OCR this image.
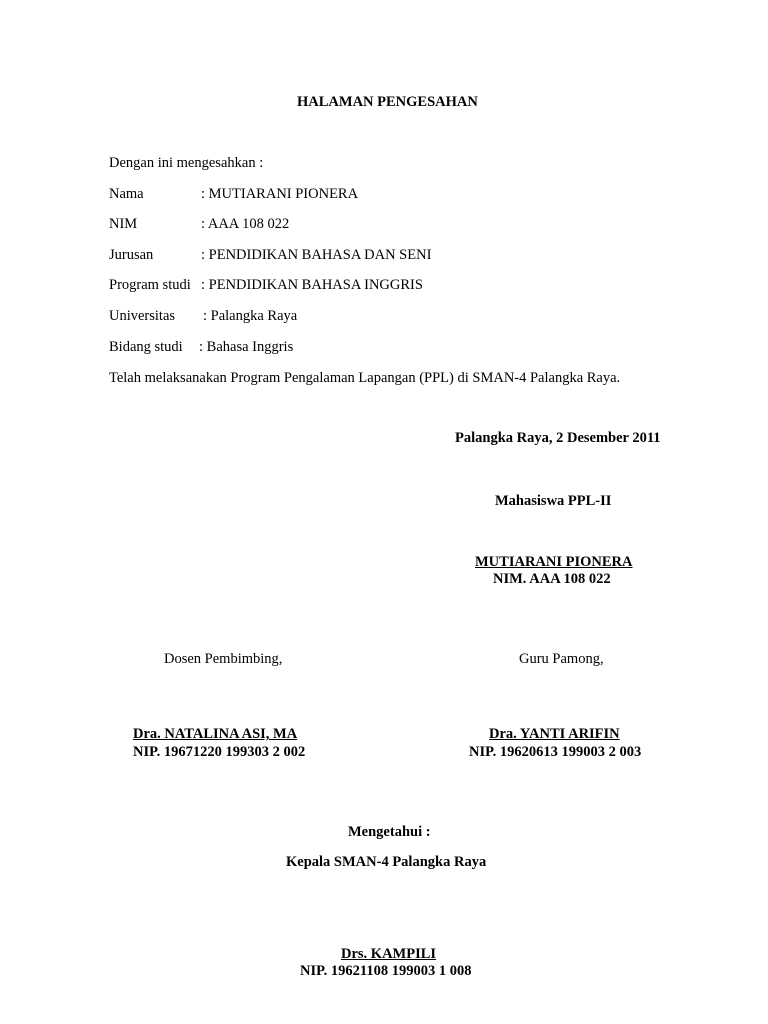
HALAMAN PENGESAHAN
Dengan ini mengesahkan :
Nama	: MUTIARANI PIONERA
NIM	: AAA 108 022
Jurusan	: PENDIDIKAN BAHASA DAN SENI
Program studi : PENDIDIKAN BAHASA INGGRIS
Universitas : Palangka Raya
Bidang studi : Bahasa Inggris
Telah melaksanakan Program Pengalaman Lapangan (PPL) di SMAN-4 Palangka Raya.
Palangka Raya, 2 Desember 2011
Mahasiswa PPL-II
MUTIARANI PIONERA
NIM. AAA 108 022
Dosen Pembimbing,
Dra. NATALINA ASI, MA
NIP. 19671220 199303 2 002
Guru Pamong,
Dra. YANTI ARIFIN
NIP. 19620613 199003 2 003
Mengetahui :
Kepala SMAN-4 Palangka Raya
Drs. KAMPILI
NIP. 19621108 199003 1 008
